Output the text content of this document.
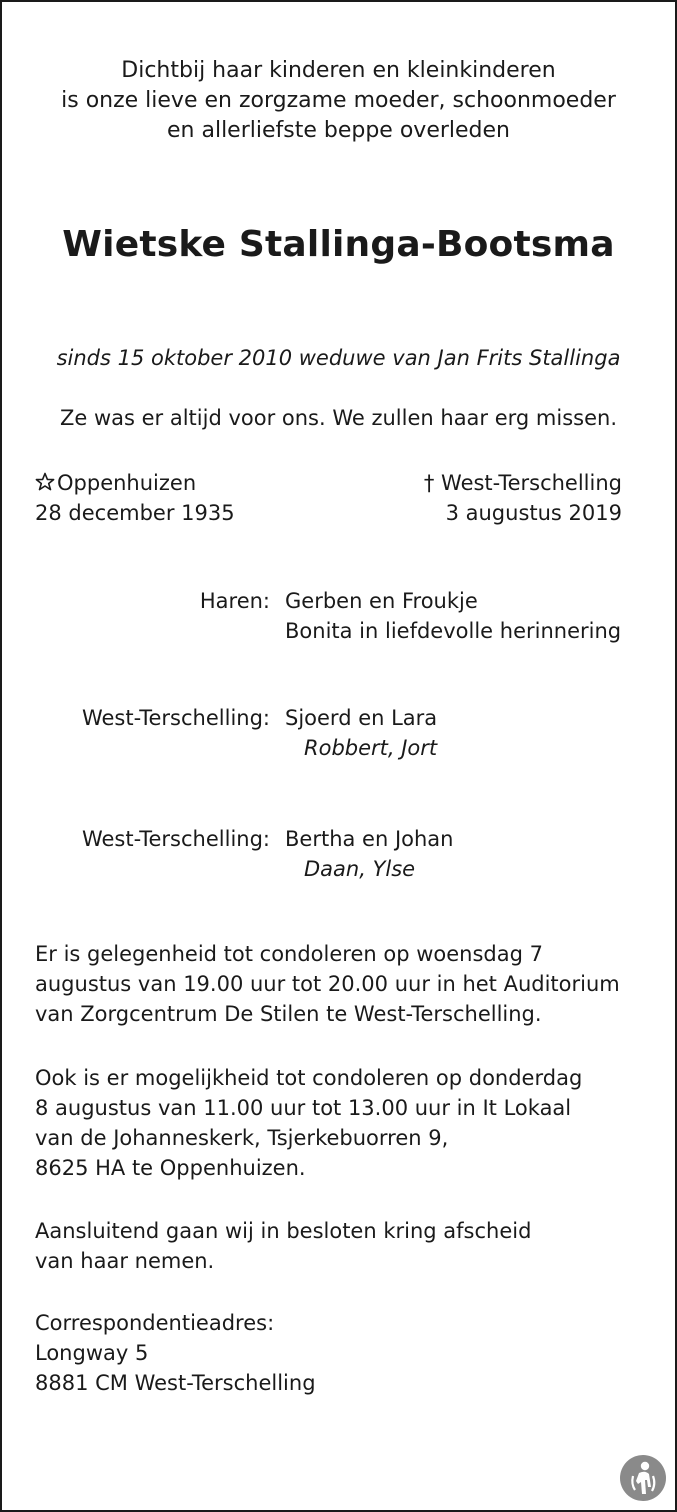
Dichtbij haar kinderen en kleinkinderen
is onze lieve en zorgzame moeder, schoonmoeder
en allerliefste beppe overleden
Wietske Stallinga-Bootsma
sinds 15 oktober 2010 weduwe van Jan Frits Stallinga
Ze was er altijd voor ons. We zullen haar erg missen.
Oppenhuizen
28 december 1935
† West-Terschelling
3 augustus 2019
Haren: Gerben en Froukje
Bonita in liefdevolle herinnering
West-Terschelling: Sjoerd en Lara
Robbert, Jort
West-Terschelling: Bertha en Johan
Daan, Ylse
Er is gelegenheid tot condoleren op woensdag 7
augustus van 19.00 uur tot 20.00 uur in het Auditorium
van Zorgcentrum De Stilen te West-Terschelling.
Ook is er mogelijkheid tot condoleren op donderdag
8 augustus van 11.00 uur tot 13.00 uur in It Lokaal
van de Johanneskerk, Tsjerkebuorren 9,
8625 HA te Oppenhuizen.
Aansluitend gaan wij in besloten kring afscheid
van haar nemen.
Correspondentieadres:
Longway 5
8881 CM West-Terschelling
